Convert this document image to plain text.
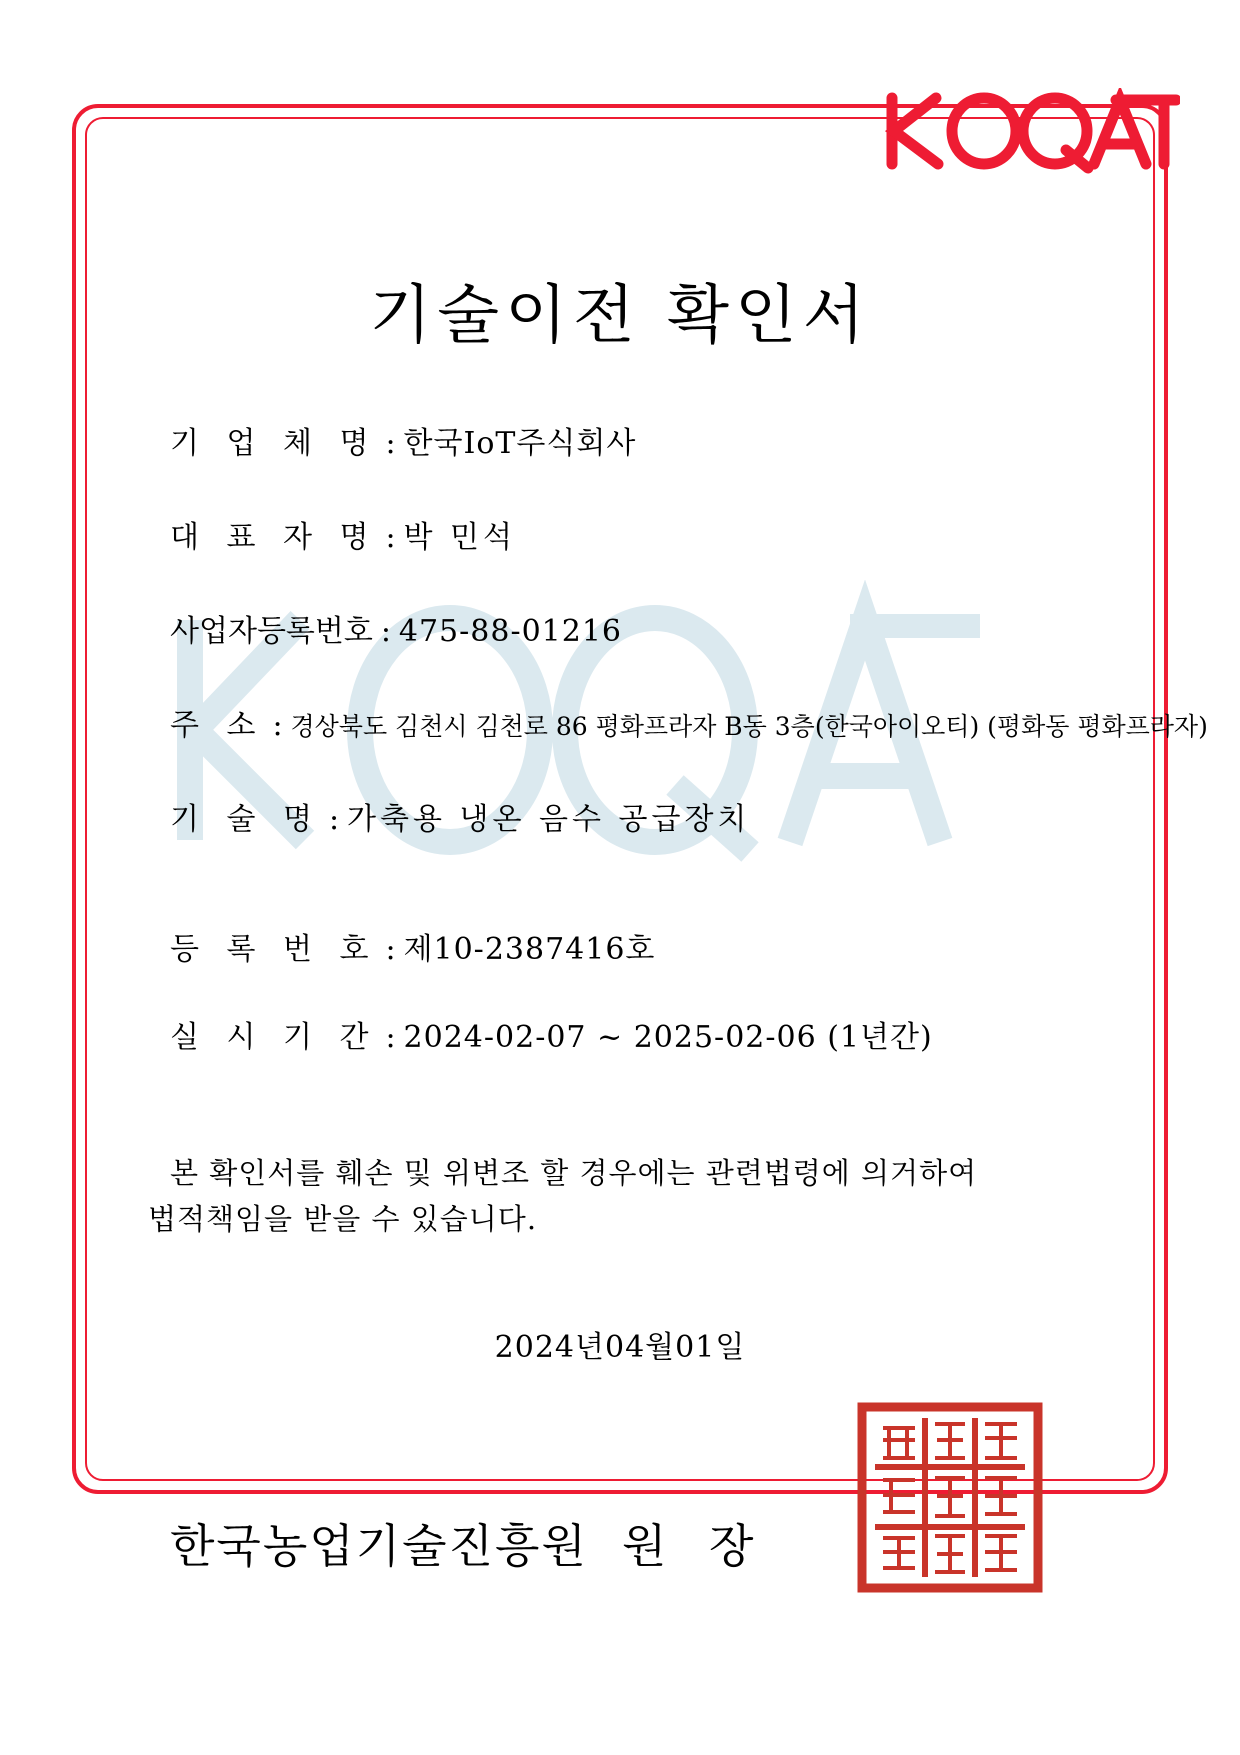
기술이전 확인서
기 업 체 명 : 한국IoT주식회사
대 표 자 명 : 박 민석
사업자등록번호 : 475-88-01216
주 소 : 경상북도 김천시 김천로 86 평화프라자 B동 3층(한국아이오티) (평화동 평화프라자)
기 술 명 : 가축용 냉온 음수 공급장치
등 록 번 호 : 제10-2387416호
실 시 기 간 : 2024-02-07 ~ 2025-02-06 (1년간)
본 확인서를 훼손 및 위변조 할 경우에는 관련법령에 의거하여
법적책임을 받을 수 있습니다.
2024년04월01일
한국농업기술진흥원 원 장
